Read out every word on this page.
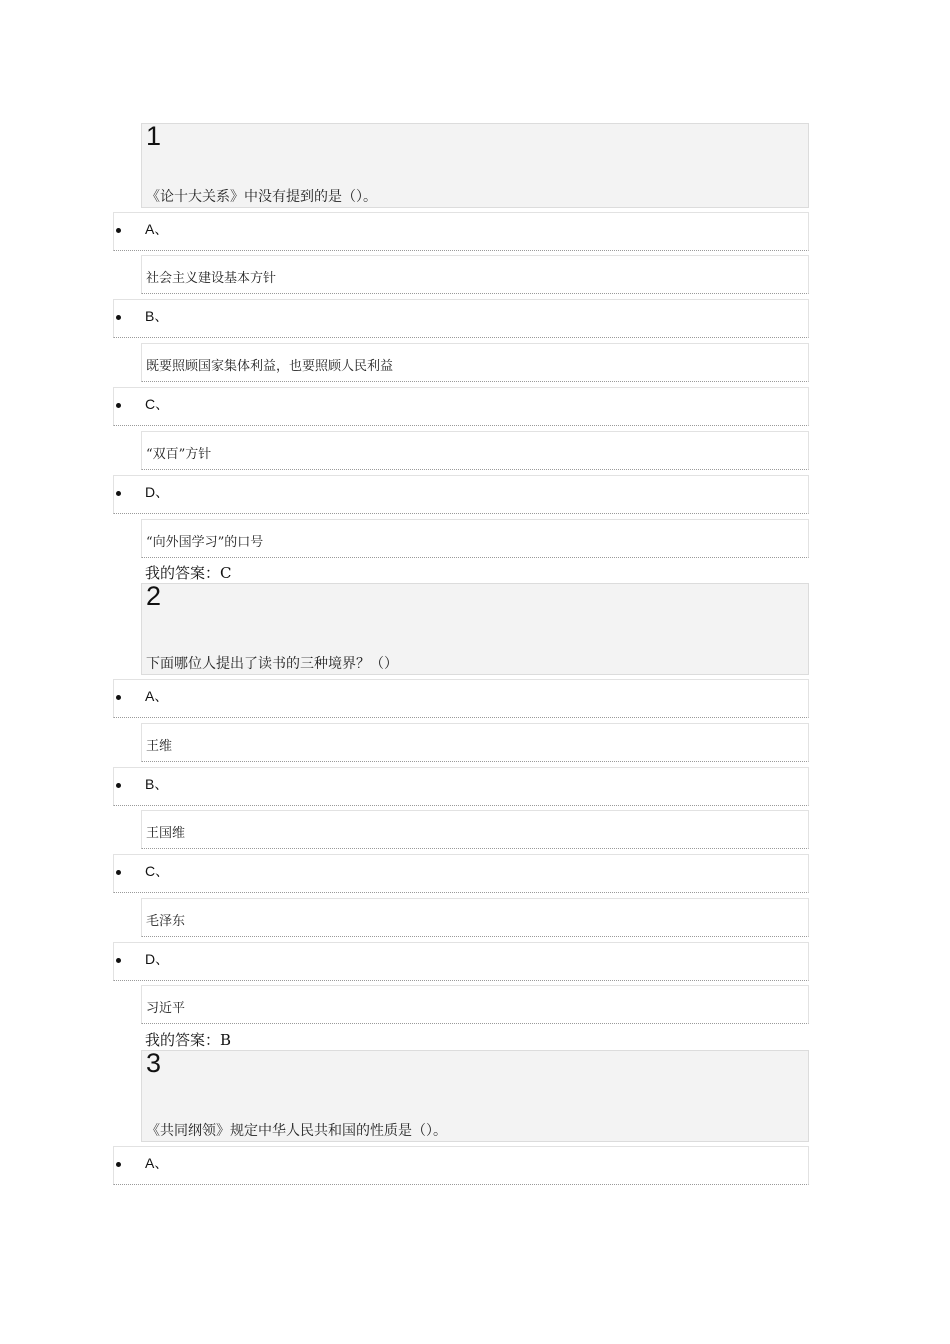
1
《论十大关系》中没有提到的是（）。
A、
社会主义建设基本方针
B、
既要照顾国家集体利益，也要照顾人民利益
C、
“双百”方针
D、
“向外国学习”的口号
我的答案：C
2
下面哪位人提出了读书的三种境界？（）
A、
王维
B、
王国维
C、
毛泽东
D、
习近平
我的答案：B
3
《共同纲领》规定中华人民共和国的性质是（）。
A、
